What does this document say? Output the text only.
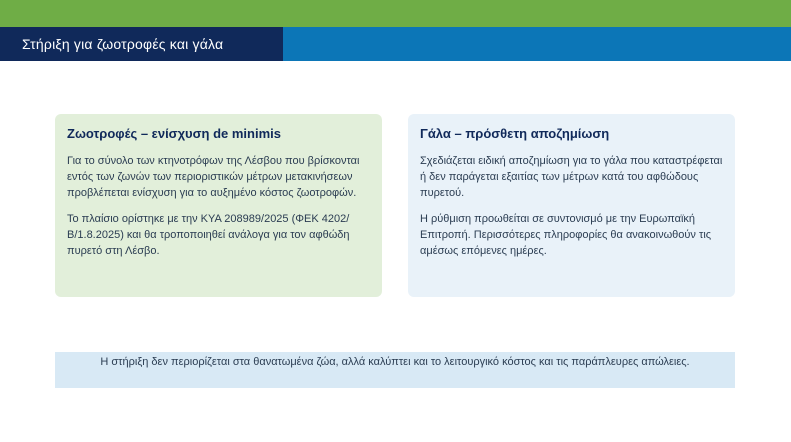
Στήριξη για ζωοτροφές και γάλα
Ζωοτροφές – ενίσχυση de minimis

Για το σύνολο των κτηνοτρόφων της Λέσβου που βρίσκονται εντός των ζωνών των περιοριστικών μέτρων μετακινήσεων προβλέπεται ενίσχυση για το αυξημένο κόστος ζωοτροφών.

Το πλαίσιο ορίστηκε με την ΚΥΑ 208989/2025 (ΦΕΚ 4202/Β/1.8.2025) και θα τροποποιηθεί ανάλογα για τον αφθώδη πυρετό στη Λέσβο.

Γάλα – πρόσθετη αποζημίωση

Σχεδιάζεται ειδική αποζημίωση για το γάλα που καταστρέφεται ή δεν παράγεται εξαιτίας των μέτρων κατά του αφθώδους πυρετού.

Η ρύθμιση προωθείται σε συντονισμό με την Ευρωπαϊκή Επιτροπή. Περισσότερες πληροφορίες θα ανακοινωθούν τις αμέσως επόμενες ημέρες.

Η στήριξη δεν περιορίζεται στα θανατωμένα ζώα, αλλά καλύπτει και το λειτουργικό κόστος και τις παράπλευρες απώλειες.
